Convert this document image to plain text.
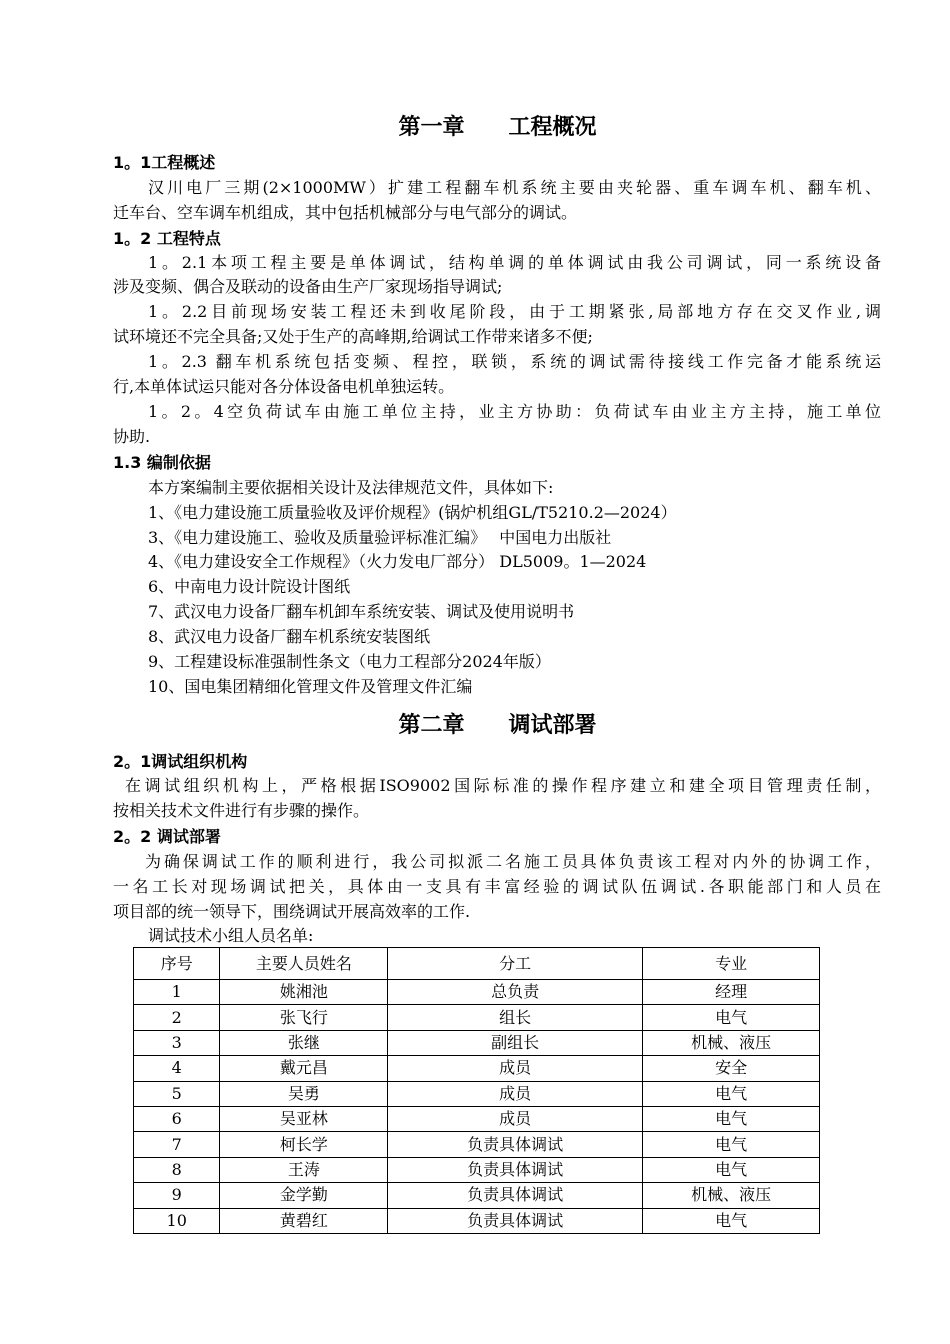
第一章　　工程概况
1。1工程概述
汉川电厂三期(2×1000MW）扩建工程翻车机系统主要由夹轮器、重车调车机、翻车机、
迁车台、空车调车机组成，其中包括机械部分与电气部分的调试。
1。2 工程特点
1。2.1本项工程主要是单体调试，结构单调的单体调试由我公司调试，同一系统设备
涉及变频、偶合及联动的设备由生产厂家现场指导调试;
1。2.2目前现场安装工程还未到收尾阶段，由于工期紧张,局部地方存在交叉作业,调
试环境还不完全具备;又处于生产的高峰期,给调试工作带来诸多不便;
1。2.3 翻车机系统包括变频、程控，联锁，系统的调试需待接线工作完备才能系统运
行,本单体试运只能对各分体设备电机单独运转。
1。2。4空负荷试车由施工单位主持，业主方协助：负荷试车由业主方主持，施工单位
协助.
1.3 编制依据
本方案编制主要依据相关设计及法律规范文件，具体如下:
1、《电力建设施工质量验收及评价规程》(锅炉机组GL/T5210.2—2024）
3、《电力建设施工、验收及质量验评标准汇编》　 中国电力出版社
4、《电力建设安全工作规程》（火力发电厂部分） DL5009。1—2024
6、中南电力设计院设计图纸
7、武汉电力设备厂翻车机卸车系统安装、调试及使用说明书
8、武汉电力设备厂翻车机系统安装图纸
9、工程建设标准强制性条文（电力工程部分2024年版）
10、国电集团精细化管理文件及管理文件汇编
第二章　　调试部署
2。1调试组织机构
在调试组织机构上，严格根据ISO9002国际标准的操作程序建立和建全项目管理责任制，
按相关技术文件进行有步骤的操作。
2。2 调试部署
为确保调试工作的顺利进行，我公司拟派二名施工员具体负责该工程对内外的协调工作，
一名工长对现场调试把关，具体由一支具有丰富经验的调试队伍调试.各职能部门和人员在
项目部的统一领导下，围绕调试开展高效率的工作.
调试技术小组人员名单:
序号	主要人员姓名	分工	专业
1	姚湘池	总负责	经理
2	张飞行	组长	电气
3	张继	副组长	机械、液压
4	戴元昌	成员	安全
5	吴勇	成员	电气
6	吴亚林	成员	电气
7	柯长学	负责具体调试	电气
8	王涛	负责具体调试	电气
9	金学勤	负责具体调试	机械、液压
10	黄碧红	负责具体调试	电气
